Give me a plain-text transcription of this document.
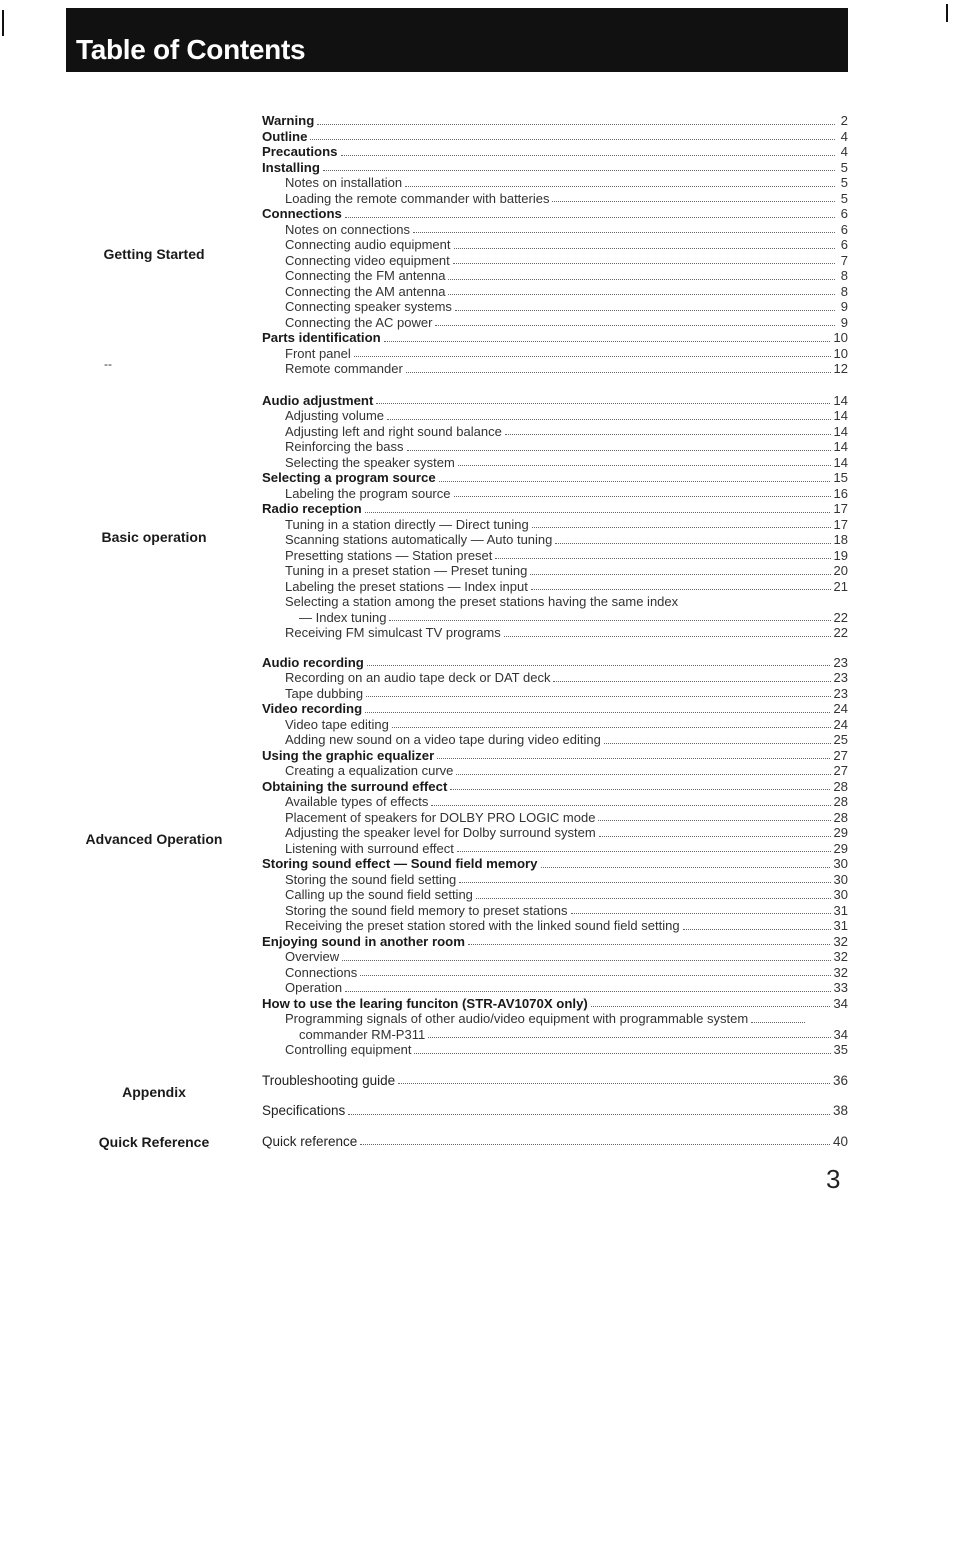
Table of Contents
Getting Started
Basic operation
Advanced Operation
Appendix
Quick Reference
--
Warning	2
Outline	4
Precautions	4
Installing	5
Notes on installation	5
Loading the remote commander with batteries	5
Connections	6
Notes on connections	6
Connecting audio equipment	6
Connecting video equipment	7
Connecting the FM antenna	8
Connecting the AM antenna	8
Connecting speaker systems	9
Connecting the AC power	9
Parts identification	10
Front panel	10
Remote commander	12
Audio adjustment	14
Adjusting volume	14
Adjusting left and right sound balance	14
Reinforcing the bass	14
Selecting the speaker system	14
Selecting a program source	15
Labeling the program source	16
Radio reception	17
Tuning in a station directly — Direct tuning	17
Scanning stations automatically — Auto tuning	18
Presetting stations — Station preset	19
Tuning in a preset station — Preset tuning	20
Labeling the preset stations — Index input	21
Selecting a station among the preset stations having the same index
— Index tuning	22
Receiving FM simulcast TV programs	22
Audio recording	23
Recording on an audio tape deck or DAT deck	23
Tape dubbing	23
Video recording	24
Video tape editing	24
Adding new sound on a video tape during video editing	25
Using the graphic equalizer	27
Creating a equalization curve	27
Obtaining the surround effect	28
Available types of effects	28
Placement of speakers for DOLBY PRO LOGIC mode	28
Adjusting the speaker level for Dolby surround system	29
Listening with surround effect	29
Storing sound effect — Sound field memory	30
Storing the sound field setting	30
Calling up the sound field setting	30
Storing the sound field memory to preset stations	31
Receiving the preset station stored with the linked sound field setting	31
Enjoying sound in another room	32
Overview	32
Connections	32
Operation	33
How to use the learing funciton (STR-AV1070X only)	34
Programming signals of other audio/video equipment with programmable system
commander RM-P311	34
Controlling equipment	35
Troubleshooting guide	36
Specifications	38
Quick reference	40
3
